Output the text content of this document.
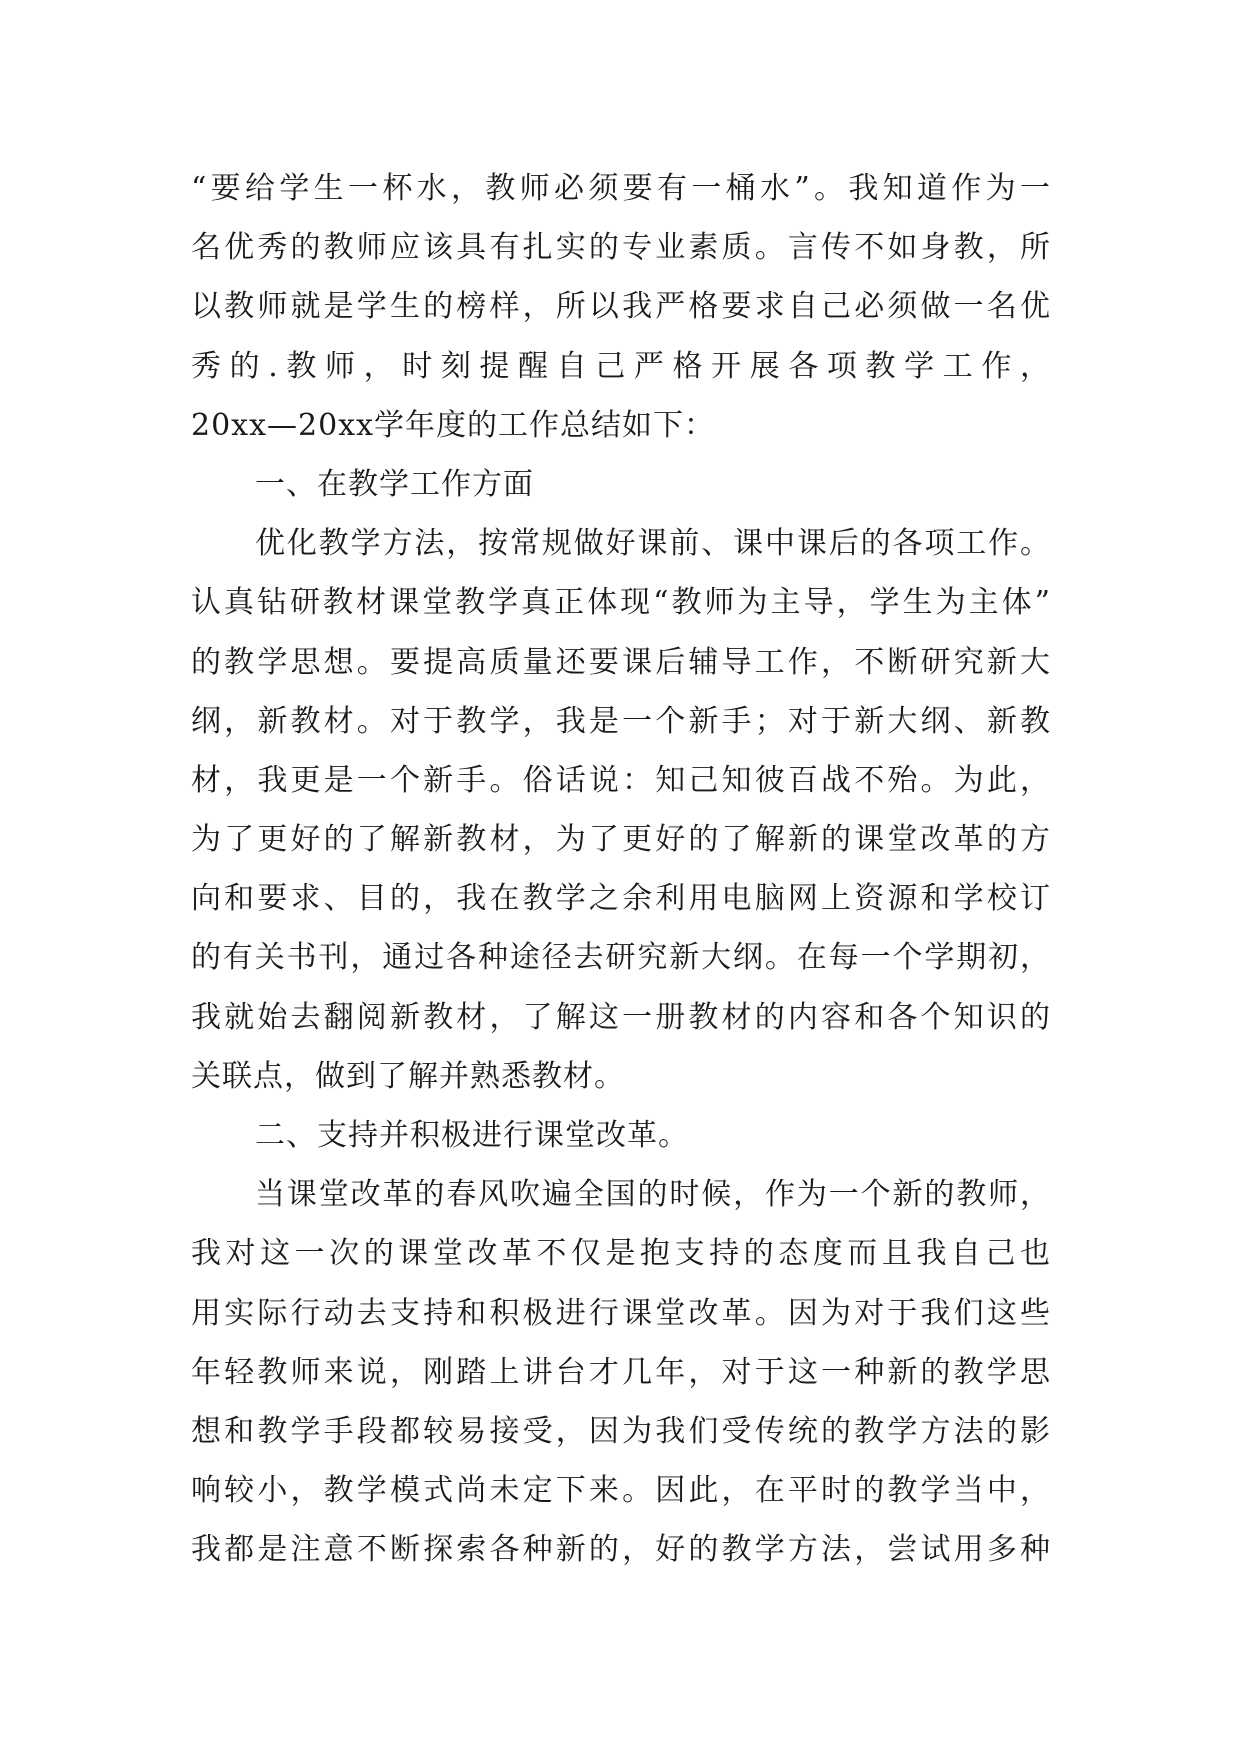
“要给学生一杯水，教师必须要有一桶水”。我知道作为一
名优秀的教师应该具有扎实的专业素质。言传不如身教，所
以教师就是学生的榜样，所以我严格要求自己必须做一名优
秀的.教师，时刻提醒自己严格开展各项教学工作，
20xx—20xx学年度的工作总结如下：
一、在教学工作方面
优化教学方法，按常规做好课前、课中课后的各项工作。
认真钻研教材课堂教学真正体现“教师为主导，学生为主体”
的教学思想。要提高质量还要课后辅导工作，不断研究新大
纲，新教材。对于教学，我是一个新手；对于新大纲、新教
材，我更是一个新手。俗话说：知己知彼百战不殆。为此，
为了更好的了解新教材，为了更好的了解新的课堂改革的方
向和要求、目的，我在教学之余利用电脑网上资源和学校订
的有关书刊，通过各种途径去研究新大纲。在每一个学期初，
我就始去翻阅新教材，了解这一册教材的内容和各个知识的
关联点，做到了解并熟悉教材。
二、支持并积极进行课堂改革。
当课堂改革的春风吹遍全国的时候，作为一个新的教师，
我对这一次的课堂改革不仅是抱支持的态度而且我自己也
用实际行动去支持和积极进行课堂改革。因为对于我们这些
年轻教师来说，刚踏上讲台才几年，对于这一种新的教学思
想和教学手段都较易接受，因为我们受传统的教学方法的影
响较小，教学模式尚未定下来。因此，在平时的教学当中，
我都是注意不断探索各种新的，好的教学方法，尝试用多种
